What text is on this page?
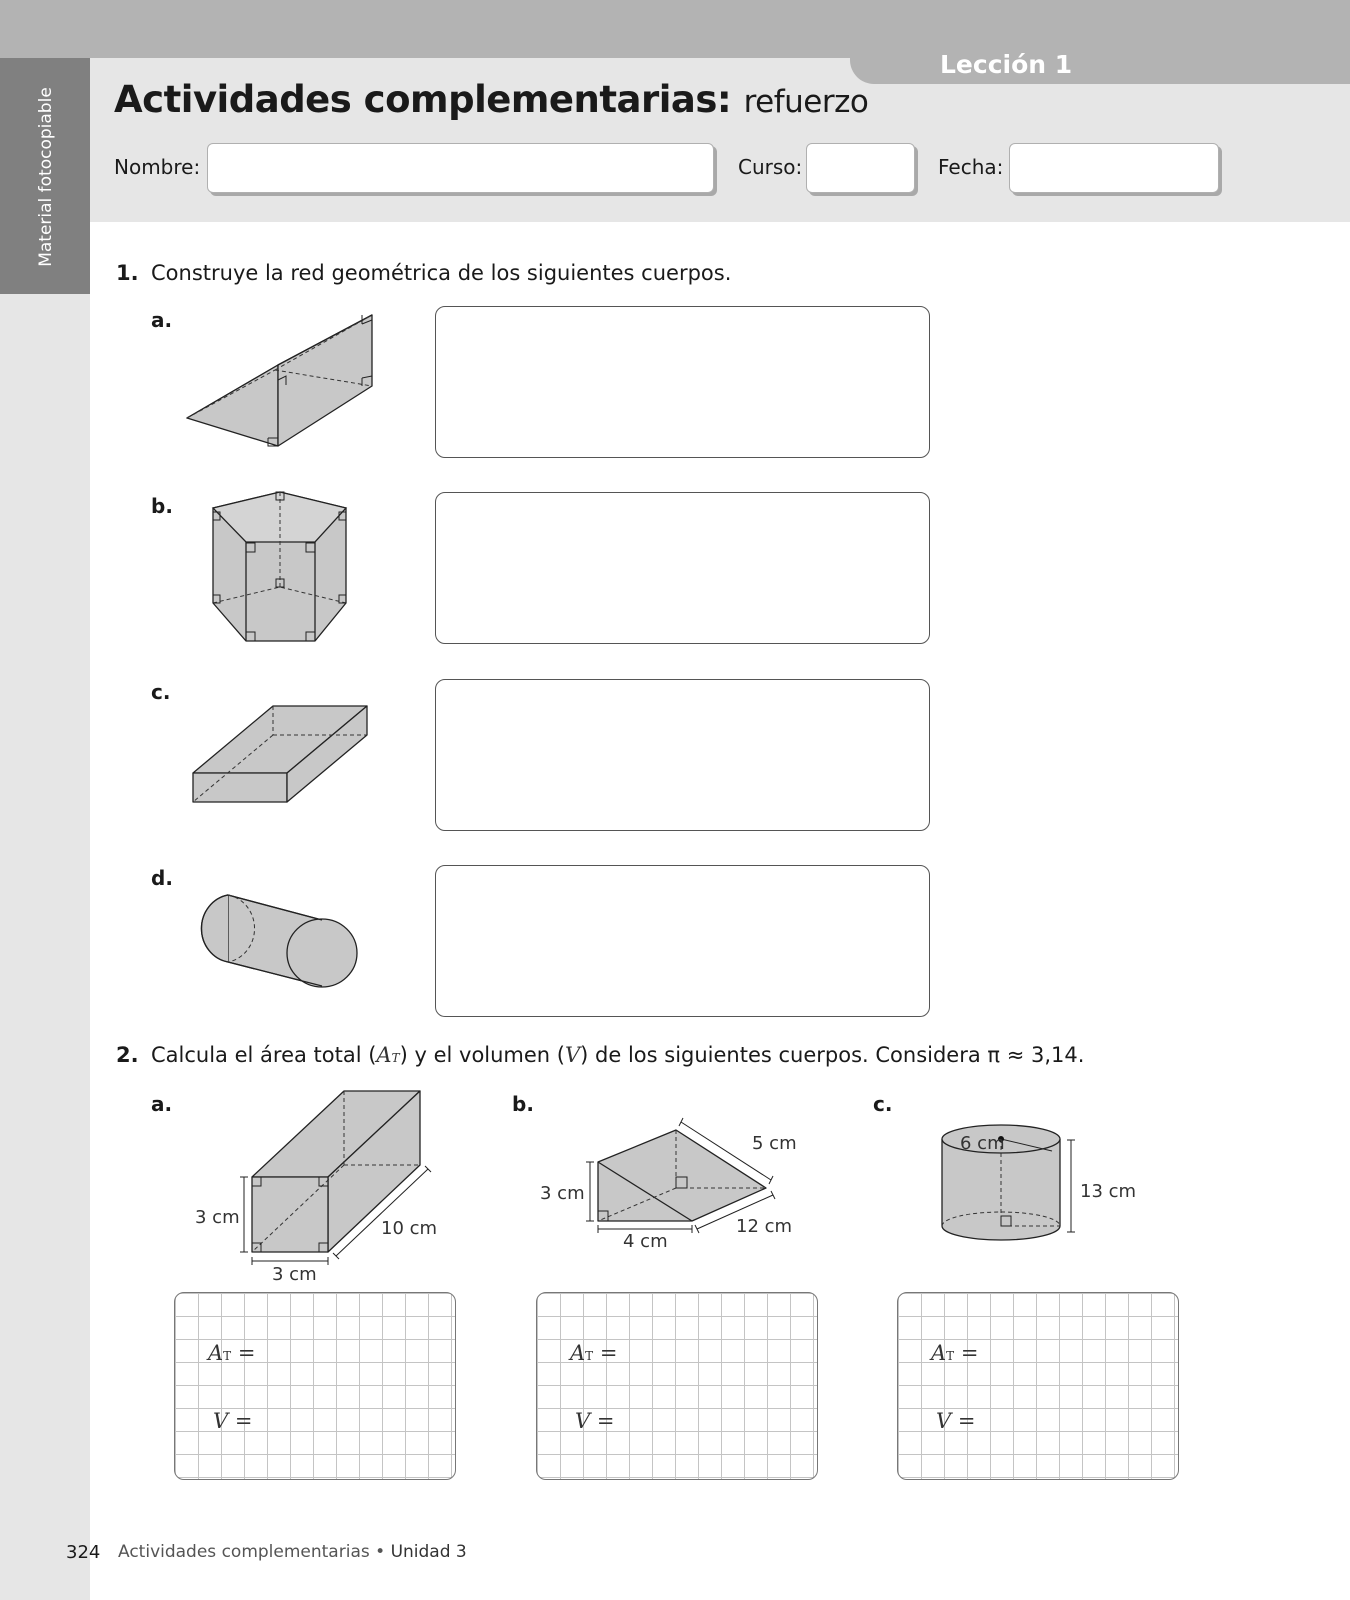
Material fotocopiable
Lección 1
Actividades complementarias: refuerzo
Nombre:	Curso:	Fecha:
1. Construye la red geométrica de los siguientes cuerpos.
a.
b.
c.
d.
2. Calcula el área total (AT) y el volumen (V) de los siguientes cuerpos. Considera π ≈ 3,14.
a.	b.	c.
3 cm
3 cm
10 cm
3 cm
4 cm
5 cm
12 cm
6 cm
13 cm
AT =
V =
AT =
V =
AT =
V =
324 Actividades complementarias • Unidad 3
